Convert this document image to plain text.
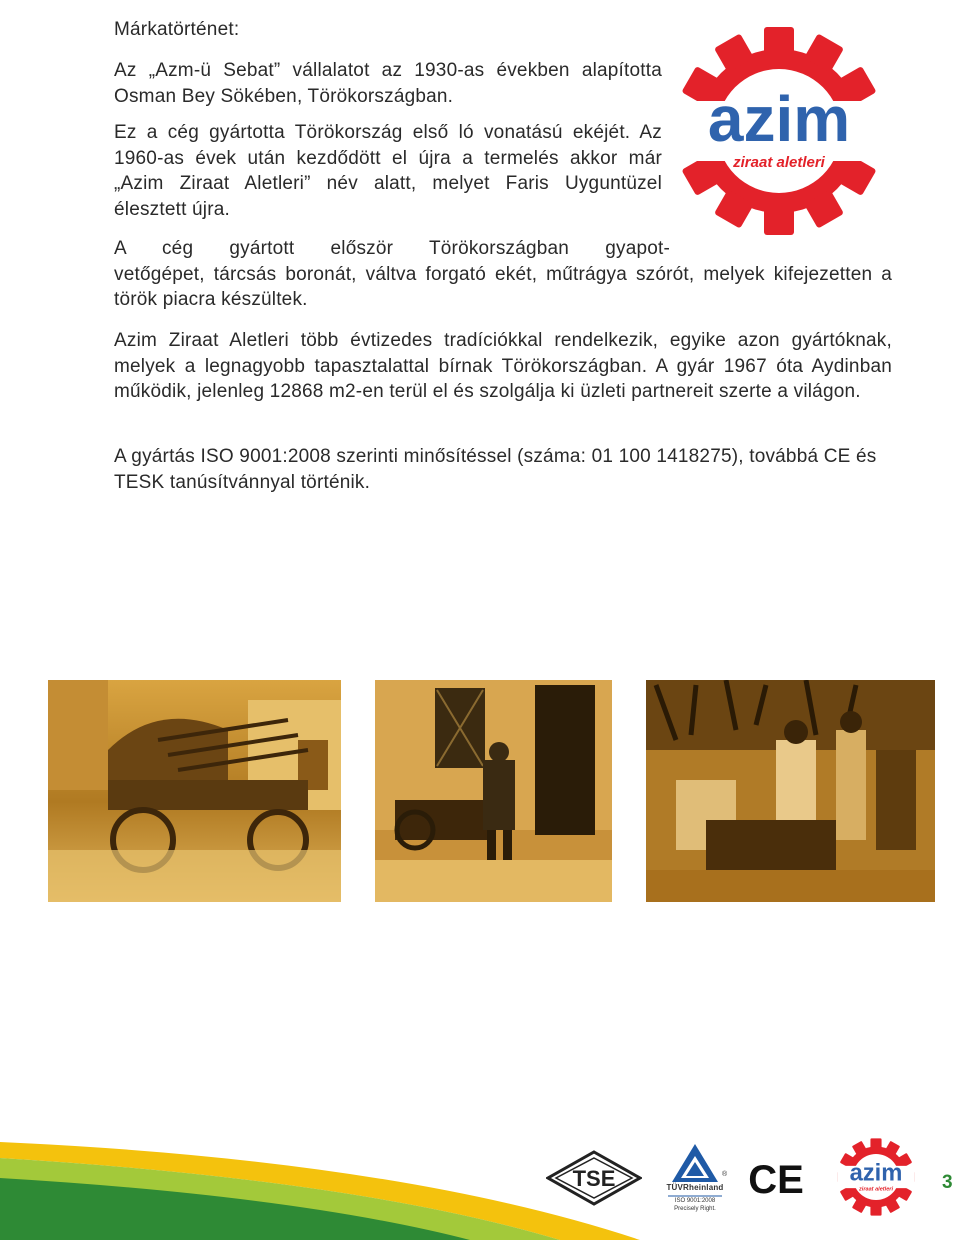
Márkatörténet:

Az „Azm-ü Sebat” vállalatot az 1930-as években alapította Osman Bey Sökében, Törökországban.

Ez a cég gyártotta Törökország első ló vonatású ekéjét. Az 1960-as évek után kezdődött el újra a termelés akkor már „Azim Ziraat Aletleri” név alatt, melyet Faris Uyguntüzel élesztett újra.

A cég gyártott először Törökországban gyapot-
vetőgépet, tárcsás boronát, váltva forgató ekét, műtrágya szórót, melyek kifejezetten a török piacra készültek.

Azim Ziraat Aletleri több évtizedes tradíciókkal rendelkezik, egyike azon gyártóknak, melyek a legnagyobb tapasztalattal bírnak Törökországban. A gyár 1967 óta Aydinban működik, jelenleg 12868 m2-en terül el és szolgálja ki üzleti partnereit szerte a világon.

A gyártás ISO 9001:2008 szerinti minősítéssel (száma: 01 100 1418275), továbbá CE és TESK tanúsítvánnyal történik.

azim
ziraat aletleri
TSE	®
TÜVRheinland
ISO 9001:2008
Precisely Right.
CE azim
ziraat aletleri	3
